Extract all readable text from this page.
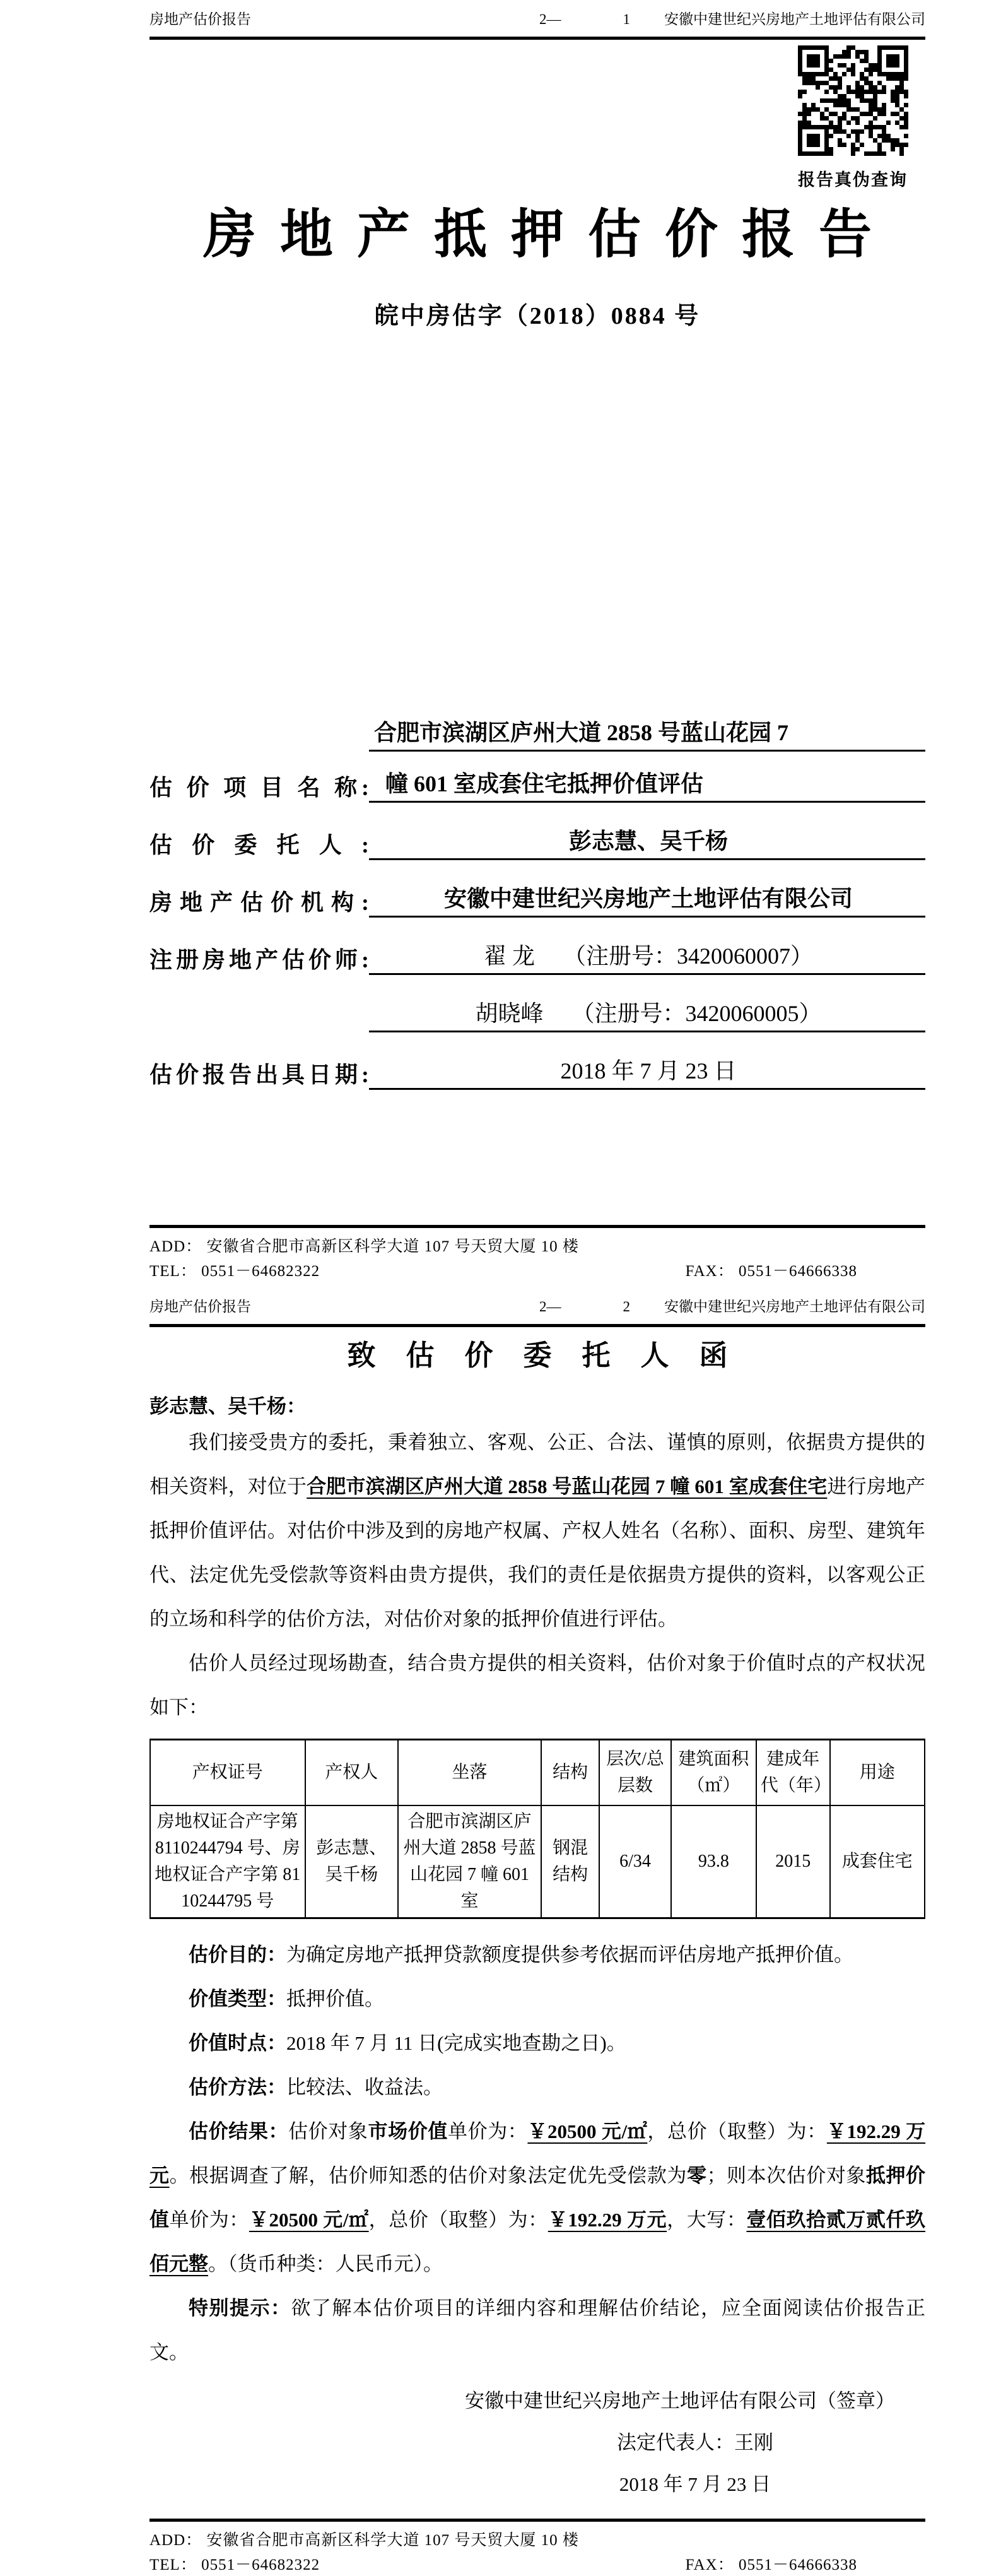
房地产估价报告	2—	1 安徽中建世纪兴房地产土地评估有限公司
报告真伪查询
房地产抵押估价报告
皖中房估字（2018）0884 号
估 价 项 目 名 称:
合肥市滨湖区庐州大道 2858 号蓝山花园 7
幢 601 室成套住宅抵押价值评估
估 价 委 托 人 :	彭志慧、吴千杨
房地产估价机构:	安徽中建世纪兴房地产土地评估有限公司
注册房地产估价师:	翟 龙　 （注册号：3420060007）
胡晓峰　 （注册号：3420060005）
估价报告出具日期:	2018 年 7 月 23 日
ADD： 安徽省合肥市高新区科学大道 107 号天贸大厦 10 楼
TEL： 0551－64682322	FAX： 0551－64666338
房地产估价报告	2—	2 安徽中建世纪兴房地产土地评估有限公司
致估价委托人函

彭志慧、吴千杨：

我们接受贵方的委托，秉着独立、客观、公正、合法、谨慎的原则，依据贵方提供的相关资料，对位于合肥市滨湖区庐州大道 2858 号蓝山花园 7 幢 601 室成套住宅进行房地产抵押价值评估。对估价中涉及到的房地产权属、产权人姓名（名称）、面积、房型、建筑年代、法定优先受偿款等资料由贵方提供，我们的责任是依据贵方提供的资料，以客观公正的立场和科学的估价方法，对估价对象的抵押价值进行评估。

估价人员经过现场勘查，结合贵方提供的相关资料，估价对象于价值时点的产权状况如下：

产权证号	产权人	坐落	结构	层次/总层数	建筑面积（㎡）	建成年代（年）	用途
房地权证合产字第 8110244794 号、房地权证合产字第 8110244795 号	彭志慧、吴千杨	合肥市滨湖区庐州大道 2858 号蓝山花园 7 幢 601 室	钢混结构	6/34	93.8	2015	成套住宅

估价目的：为确定房地产抵押贷款额度提供参考依据而评估房地产抵押价值。

价值类型：抵押价值。

价值时点：2018 年 7 月 11 日(完成实地查勘之日)。

估价方法：比较法、收益法。

估价结果：估价对象市场价值单价为：￥20500 元/㎡，总价（取整）为：￥192.29 万元。根据调查了解，估价师知悉的估价对象法定优先受偿款为零；则本次估价对象抵押价值单价为：￥20500 元/㎡，总价（取整）为：￥192.29 万元，大写：壹佰玖拾贰万贰仟玖佰元整。（货币种类：人民币元）。

特别提示：欲了解本估价项目的详细内容和理解估价结论，应全面阅读估价报告正文。

安徽中建世纪兴房地产土地评估有限公司（签章）
法定代表人：王刚
2018 年 7 月 23 日
ADD： 安徽省合肥市高新区科学大道 107 号天贸大厦 10 楼
TEL： 0551－64682322	FAX： 0551－64666338
